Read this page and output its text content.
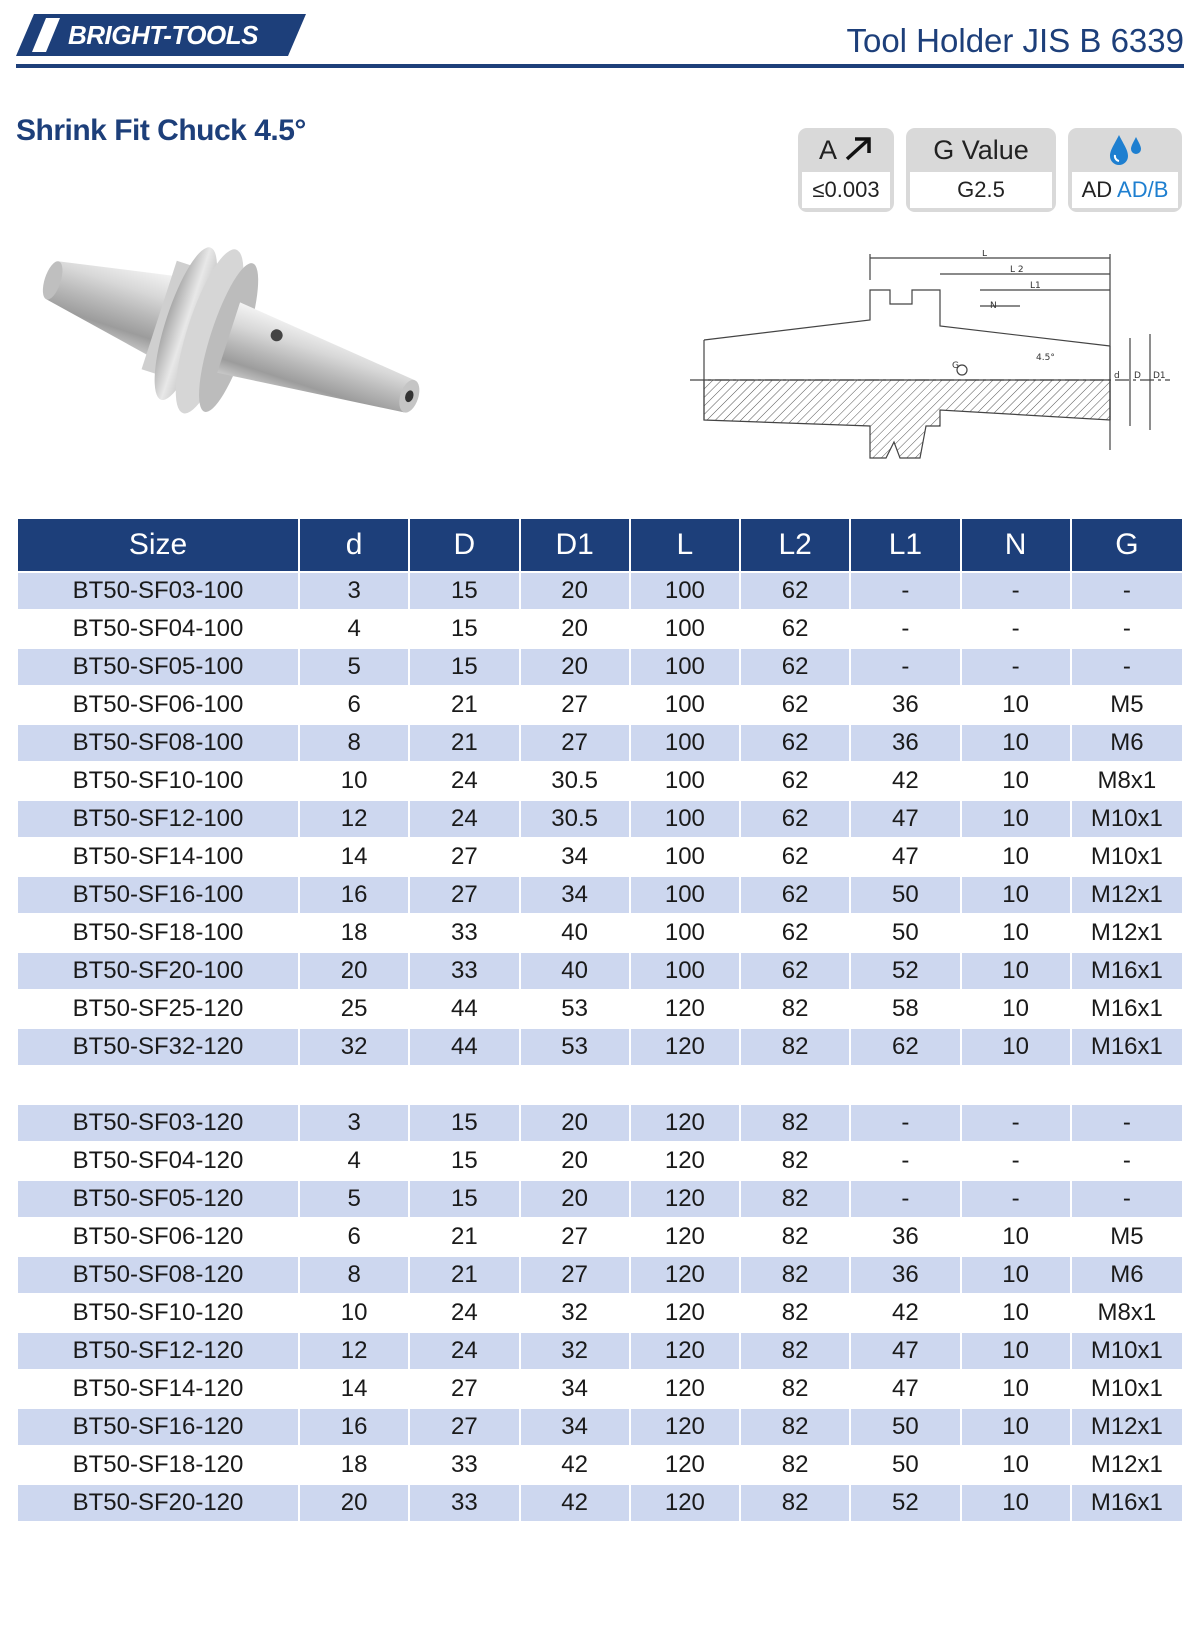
BRIGHT-TOOLS	Tool Holder JIS B 6339
Shrink Fit Chuck 4.5°
A
≤0.003
G Value
G2.5	AD AD/B
L
L 2
L1
N
G
4.5°
d D D1
Size	d	D	D1	L	L2	L1	N	G
BT50-SF03-100	3	15	20	100	62	-	-	-
BT50-SF04-100	4	15	20	100	62	-	-	-
BT50-SF05-100	5	15	20	100	62	-	-	-
BT50-SF06-100	6	21	27	100	62	36	10	M5
BT50-SF08-100	8	21	27	100	62	36	10	M6
BT50-SF10-100	10	24	30.5	100	62	42	10	M8x1
BT50-SF12-100	12	24	30.5	100	62	47	10	M10x1
BT50-SF14-100	14	27	34	100	62	47	10	M10x1
BT50-SF16-100	16	27	34	100	62	50	10	M12x1
BT50-SF18-100	18	33	40	100	62	50	10	M12x1
BT50-SF20-100	20	33	40	100	62	52	10	M16x1
BT50-SF25-120	25	44	53	120	82	58	10	M16x1
BT50-SF32-120	32	44	53	120	82	62	10	M16x1

BT50-SF03-120	3	15	20	120	82	-	-	-
BT50-SF04-120	4	15	20	120	82	-	-	-
BT50-SF05-120	5	15	20	120	82	-	-	-
BT50-SF06-120	6	21	27	120	82	36	10	M5
BT50-SF08-120	8	21	27	120	82	36	10	M6
BT50-SF10-120	10	24	32	120	82	42	10	M8x1
BT50-SF12-120	12	24	32	120	82	47	10	M10x1
BT50-SF14-120	14	27	34	120	82	47	10	M10x1
BT50-SF16-120	16	27	34	120	82	50	10	M12x1
BT50-SF18-120	18	33	42	120	82	50	10	M12x1
BT50-SF20-120	20	33	42	120	82	52	10	M16x1
